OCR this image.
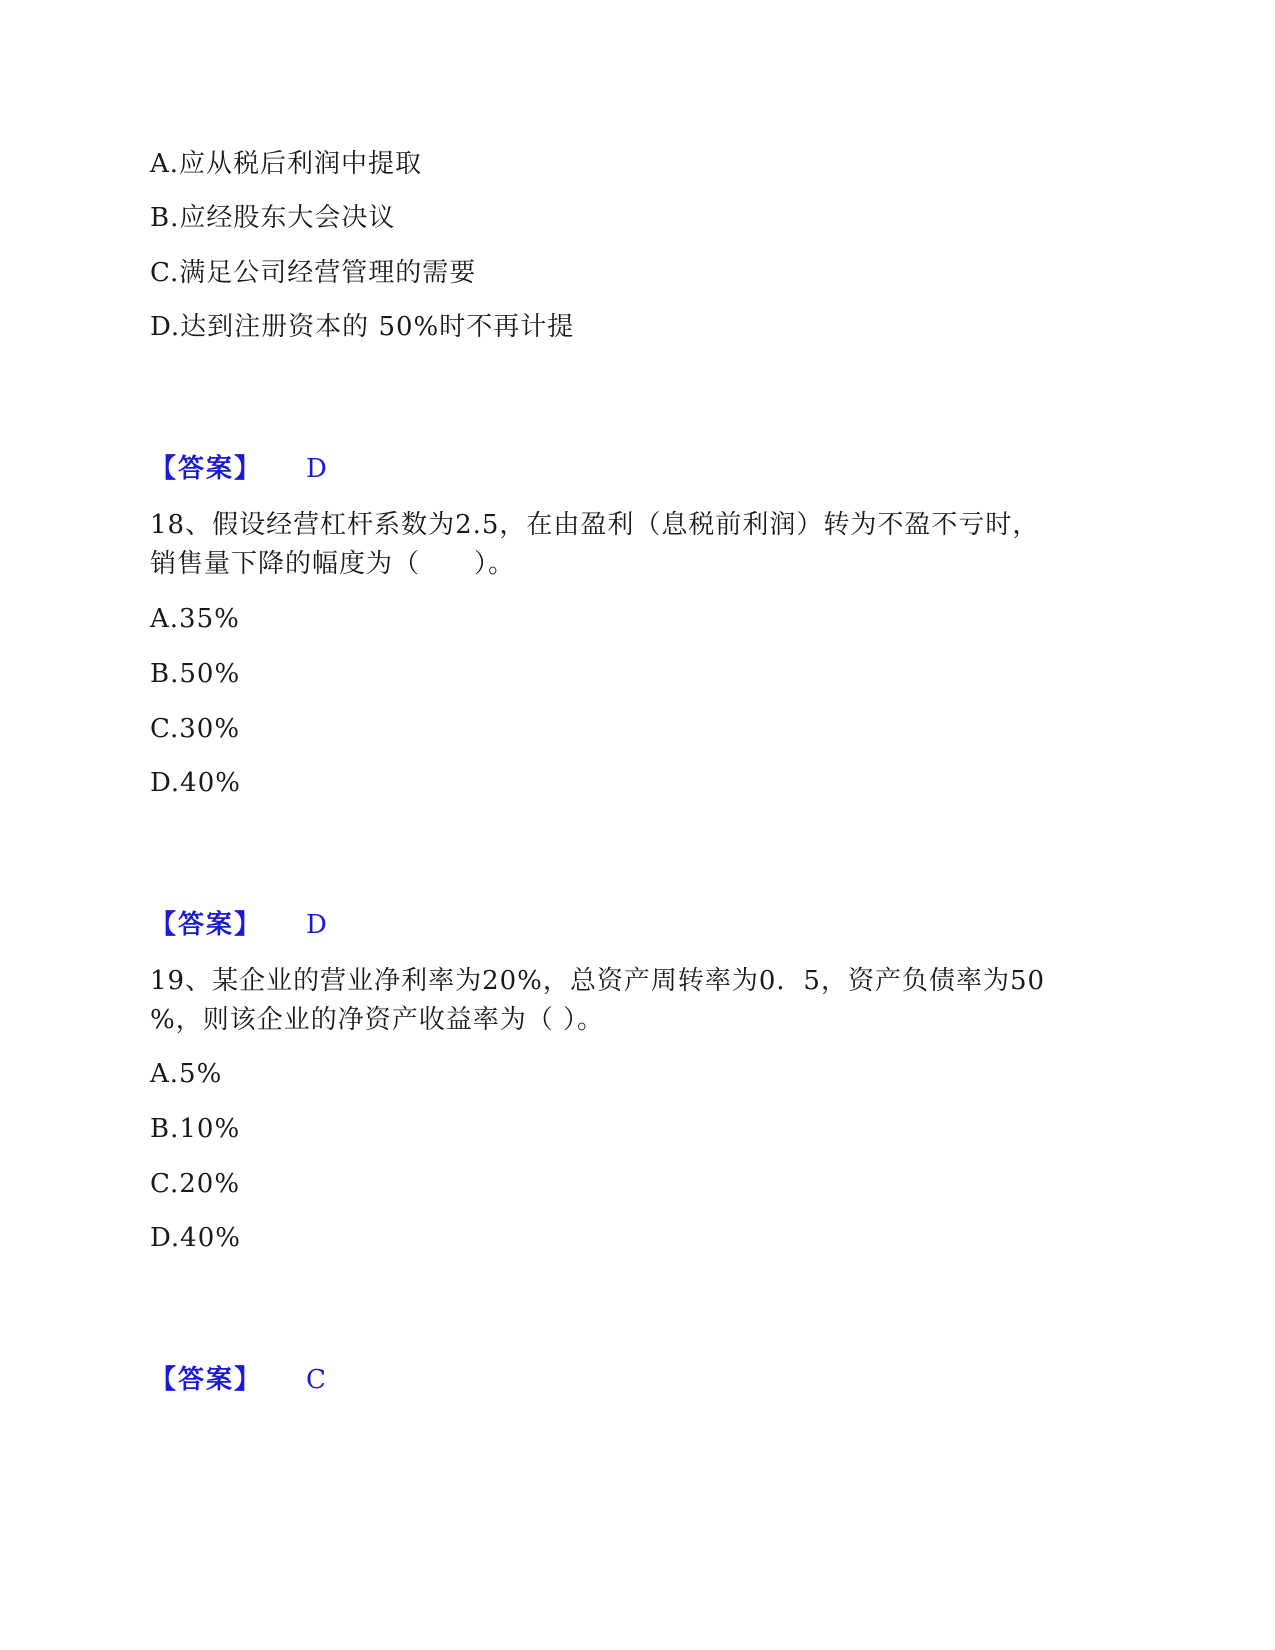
A.应从税后利润中提取
B.应经股东大会决议
C.满足公司经营管理的需要
D.达到注册资本的 50%时不再计提
【答案】 D
18、假设经营杠杆系数为2.5，在由盈利（息税前利润）转为不盈不亏时，
销售量下降的幅度为（　　）。
A.35%
B.50%
C.30%
D.40%
【答案】 D
19、某企业的营业净利率为20%，总资产周转率为0．5，资产负债率为50
%，则该企业的净资产收益率为（ ）。
A.5%
B.10%
C.20%
D.40%
【答案】 C
